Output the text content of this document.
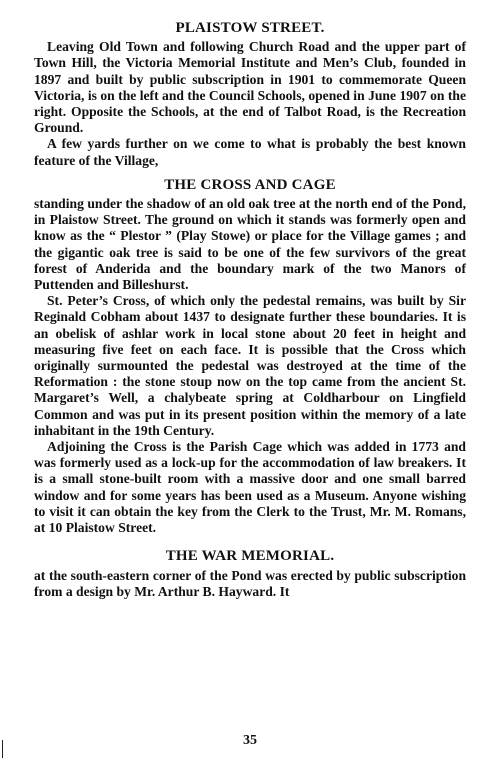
PLAISTOW STREET.

Leaving Old Town and following Church Road and the upper part of Town Hill, the Victoria Memorial Institute and Men’s Club, founded in 1897 and built by public subscription in 1901 to commemorate Queen Victoria, is on the left and the Council Schools, opened in June 1907 on the right. Opposite the Schools, at the end of Talbot Road, is the Recreation Ground.

A few yards further on we come to what is probably the best known feature of the Village,

THE CROSS AND CAGE

standing under the shadow of an old oak tree at the north end of the Pond, in Plaistow Street. The ground on which it stands was formerly open and know as the “ Plestor ” (Play Stowe) or place for the Village games ; and the gigantic oak tree is said to be one of the few survivors of the great forest of Anderida and the boundary mark of the two Manors of Puttenden and Billeshurst.

St. Peter’s Cross, of which only the pedestal remains, was built by Sir Reginald Cobham about 1437 to designate further these boundaries. It is an obelisk of ashlar work in local stone about 20 feet in height and measuring five feet on each face. It is possible that the Cross which originally surmounted the pedestal was destroyed at the time of the Reformation : the stone stoup now on the top came from the ancient St. Margaret’s Well, a chalybeate spring at Coldharbour on Lingfield Common and was put in its present position within the memory of a late inhabitant in the 19th Century.

Adjoining the Cross is the Parish Cage which was added in 1773 and was formerly used as a lock-up for the accommodation of law breakers. It is a small stone-built room with a massive door and one small barred window and for some years has been used as a Museum. Anyone wishing to visit it can obtain the key from the Clerk to the Trust, Mr. M. Romans, at 10 Plaistow Street.

THE WAR MEMORIAL.

at the south-eastern corner of the Pond was erected by public subscription from a design by Mr. Arthur B. Hayward. It

35
